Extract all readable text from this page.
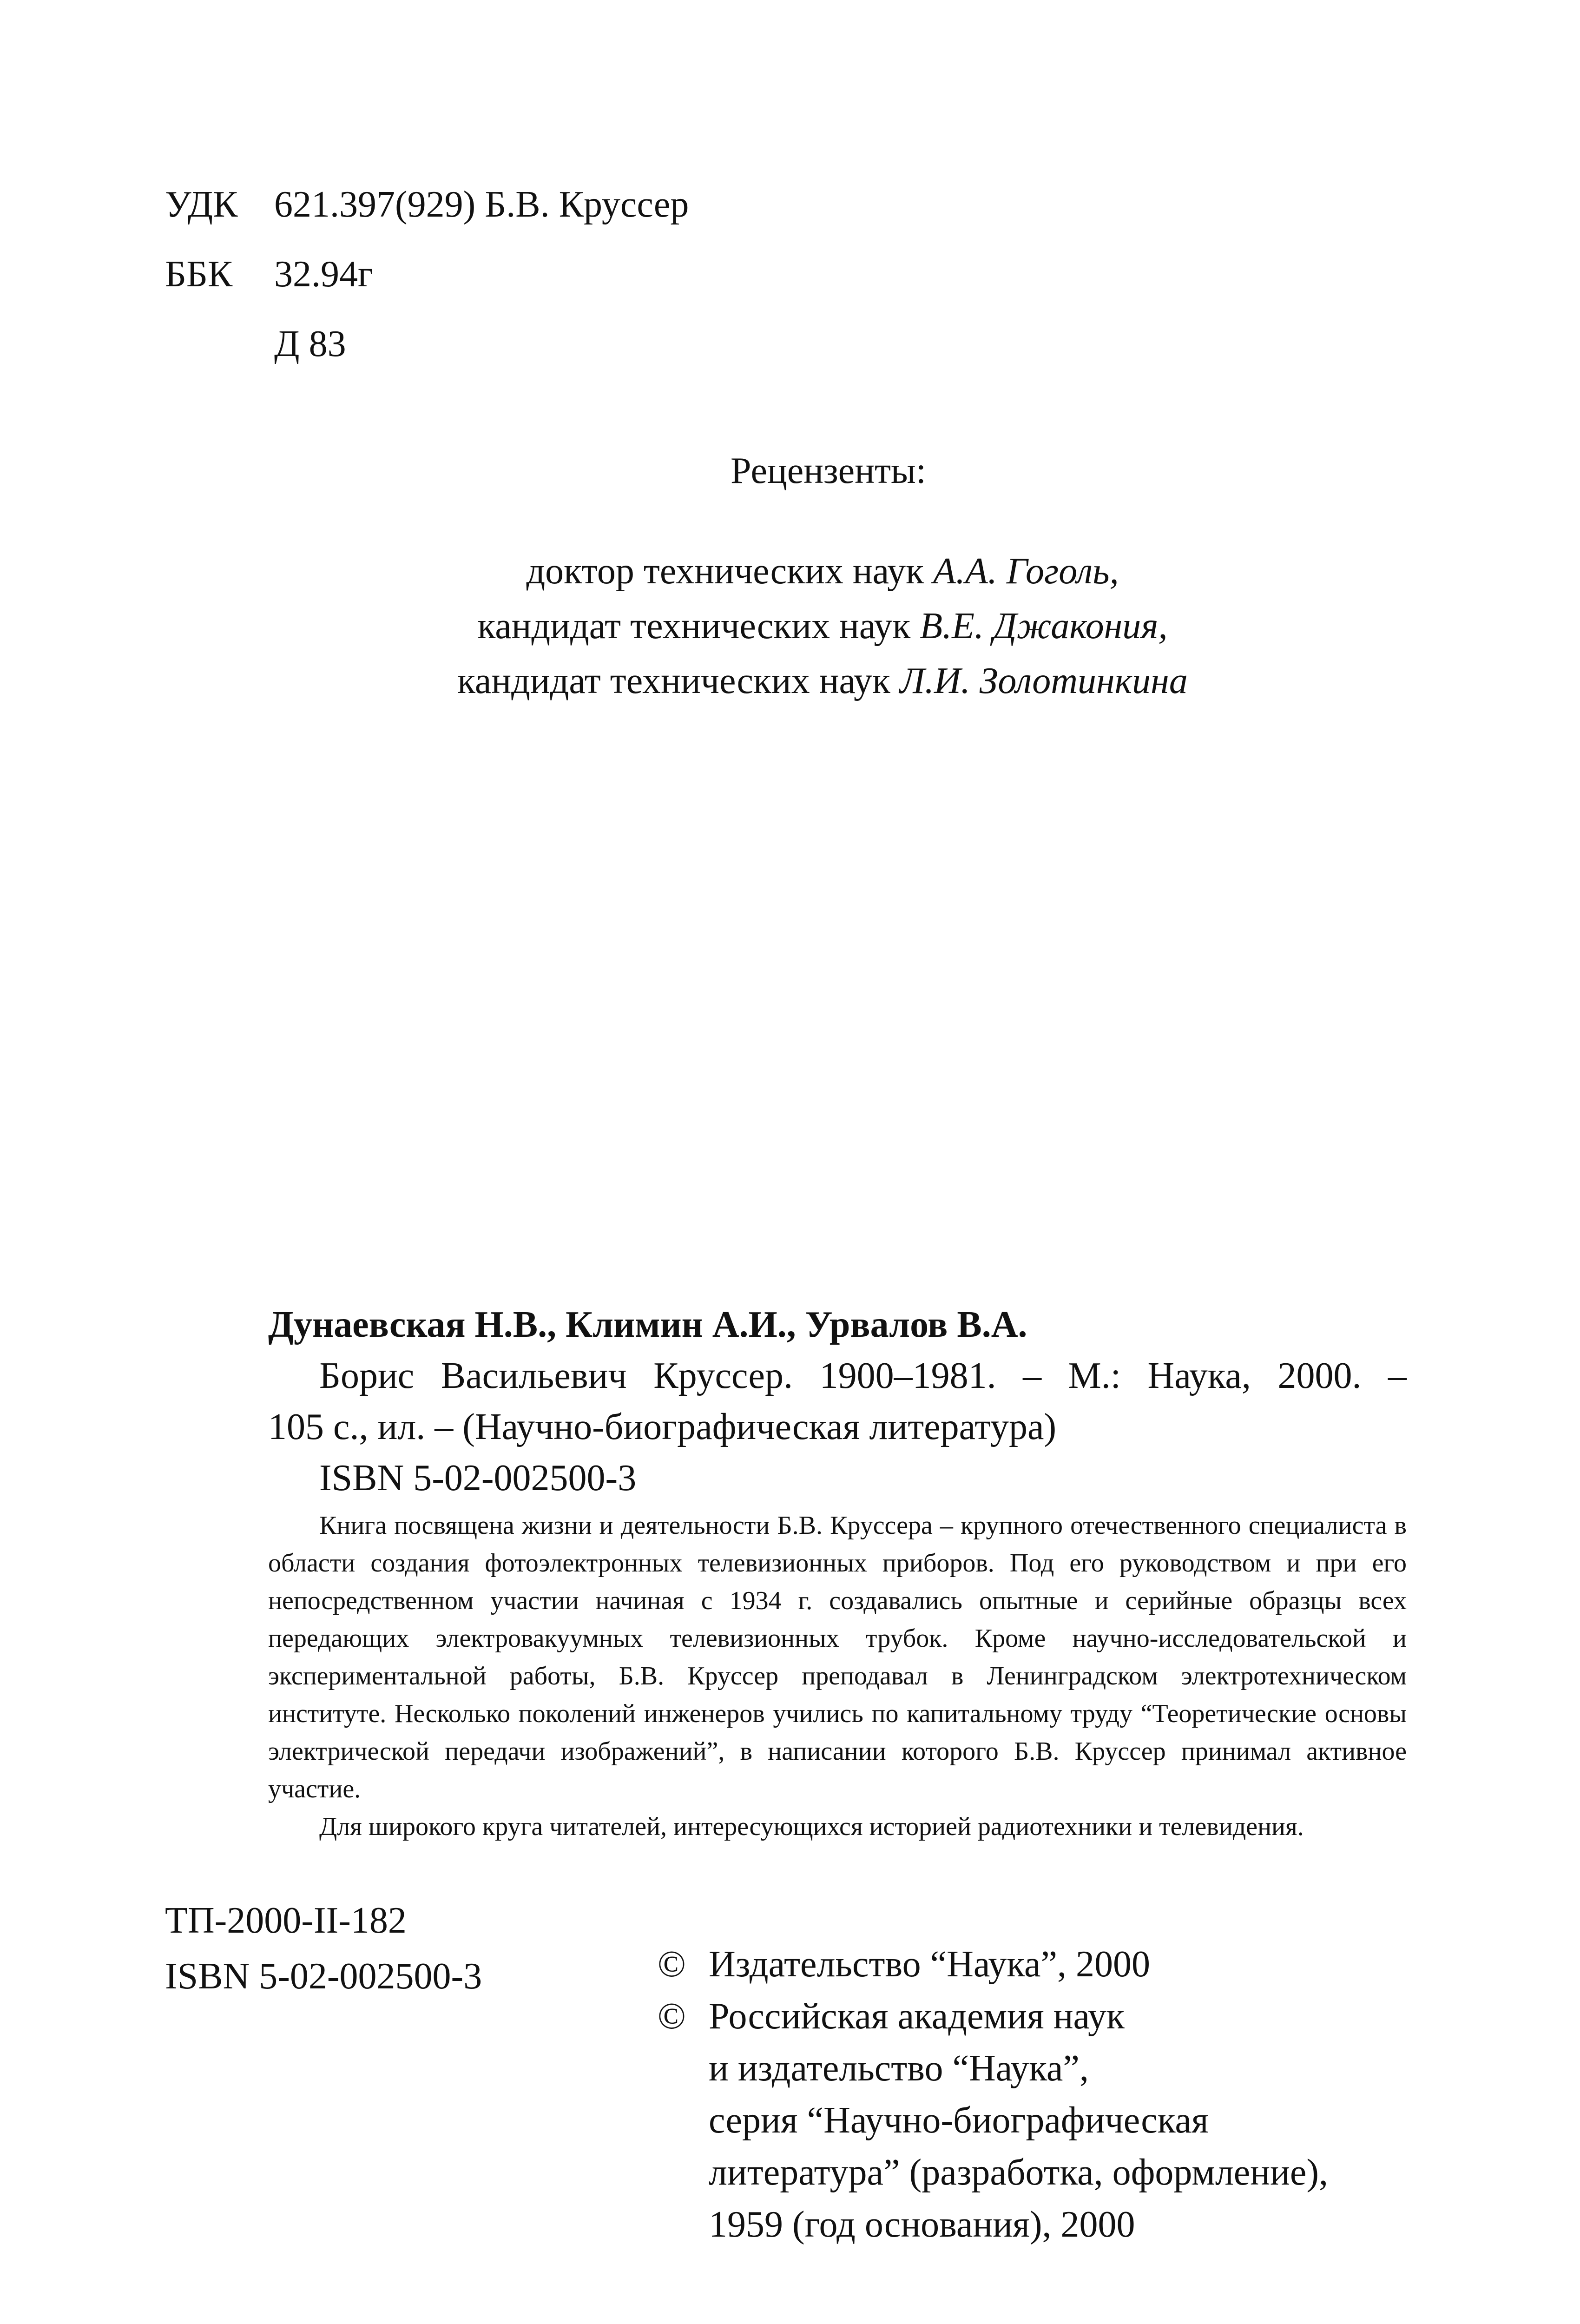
УДК 621.397(929) Б.В. Круссер
ББК	32.94г
Д 83
Рецензенты:
доктор технических наук А.А. Гоголь,
кандидат технических наук В.Е. Джакония,
кандидат технических наук Л.И. Золотинкина
Дунаевская Н.В., Климин А.И., Урвалов В.А.
Борис Васильевич Круссер. 1900–1981. – М.: Наука, 2000. –
105 с., ил. – (Научно-биографическая литература)
ISBN 5-02-002500-3

Книга посвящена жизни и деятельности Б.В. Круссера – крупного отечественного специалиста в области создания фотоэлектронных телевизионных приборов. Под его руководством и при его непосредственном участии начиная с 1934 г. создавались опытные и серийные образцы всех передающих электровакуумных телевизионных трубок. Кроме научно-исследовательской и экспериментальной работы, Б.В. Круссер преподавал в Ленинградском электротехническом институте. Несколько поколений инженеров учились по капитальному труду “Теоретические основы электрической передачи изображений”, в написании которого Б.В. Круссер принимал активное участие.

Для широкого круга читателей, интересующихся историей радиотехники и телевидения.

ТП-2000-II-182
ISBN 5-02-002500-3	© Издательство “Наука”, 2000
© Российская академия наук
и издательство “Наука”,
серия “Научно-биографическая
литература” (разработка, оформление),
1959 (год основания), 2000
